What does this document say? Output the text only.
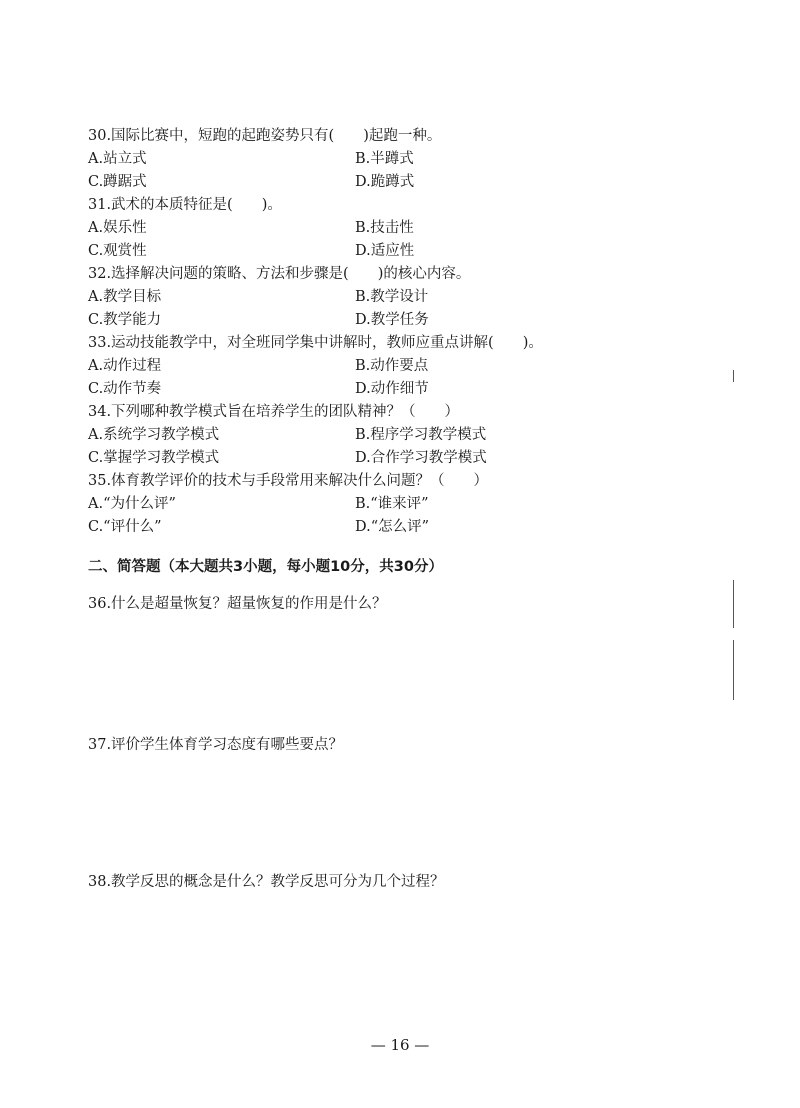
30.国际比赛中，短跑的起跑姿势只有(　　)起跑一种。
A.站立式	B.半蹲式
C.蹲踞式	D.跪蹲式
31.武术的本质特征是(　　)。
A.娱乐性	B.技击性
C.观赏性	D.适应性
32.选择解决问题的策略、方法和步骤是(　　)的核心内容。
A.教学目标	B.教学设计
C.教学能力	D.教学任务
33.运动技能教学中，对全班同学集中讲解时，教师应重点讲解(　　)。
A.动作过程	B.动作要点
C.动作节奏	D.动作细节
34.下列哪种教学模式旨在培养学生的团队精神？（　　）
A.系统学习教学模式	B.程序学习教学模式
C.掌握学习教学模式	D.合作学习教学模式
35.体育教学评价的技术与手段常用来解决什么问题？（　　）
A.“为什么评”	B.“谁来评”
C.“评什么”	D.“怎么评”
二、简答题（本大题共3小题，每小题10分，共30分）
36.什么是超量恢复？超量恢复的作用是什么？
37.评价学生体育学习态度有哪些要点？
38.教学反思的概念是什么？教学反思可分为几个过程？
— 16 —
